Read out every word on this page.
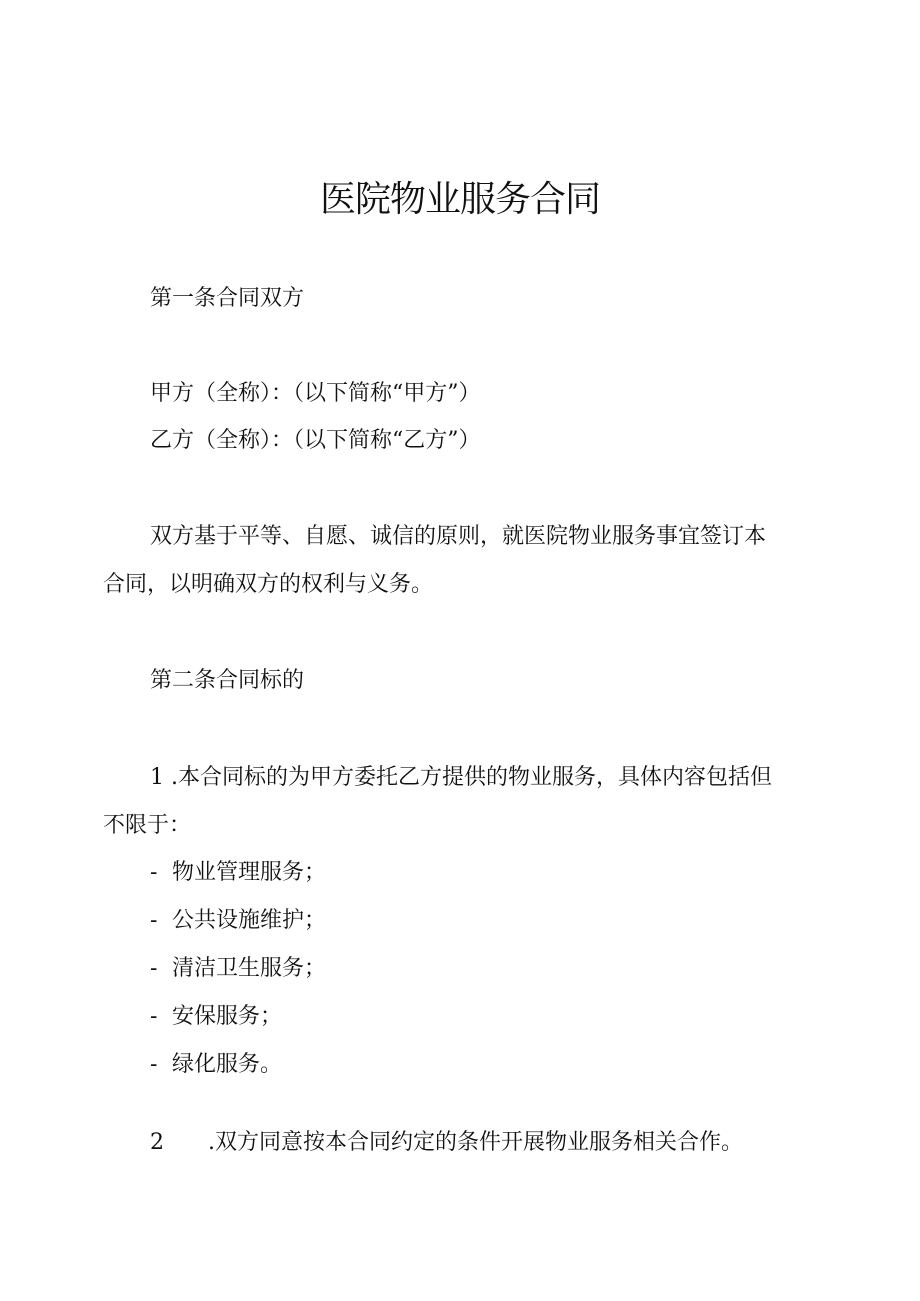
医院物业服务合同

第一条合同双方

甲方（全称）：（以下简称“甲方”）

乙方（全称）：（以下简称“乙方”）

双方基于平等、自愿、诚信的原则，就医院物业服务事宜签订本

合同，以明确双方的权利与义务。

第二条合同标的

1 .本合同标的为甲方委托乙方提供的物业服务，具体内容包括但

不限于：

- 物业管理服务；

- 公共设施维护；

- 清洁卫生服务；

- 安保服务；

- 绿化服务。

2 .双方同意按本合同约定的条件开展物业服务相关合作。
